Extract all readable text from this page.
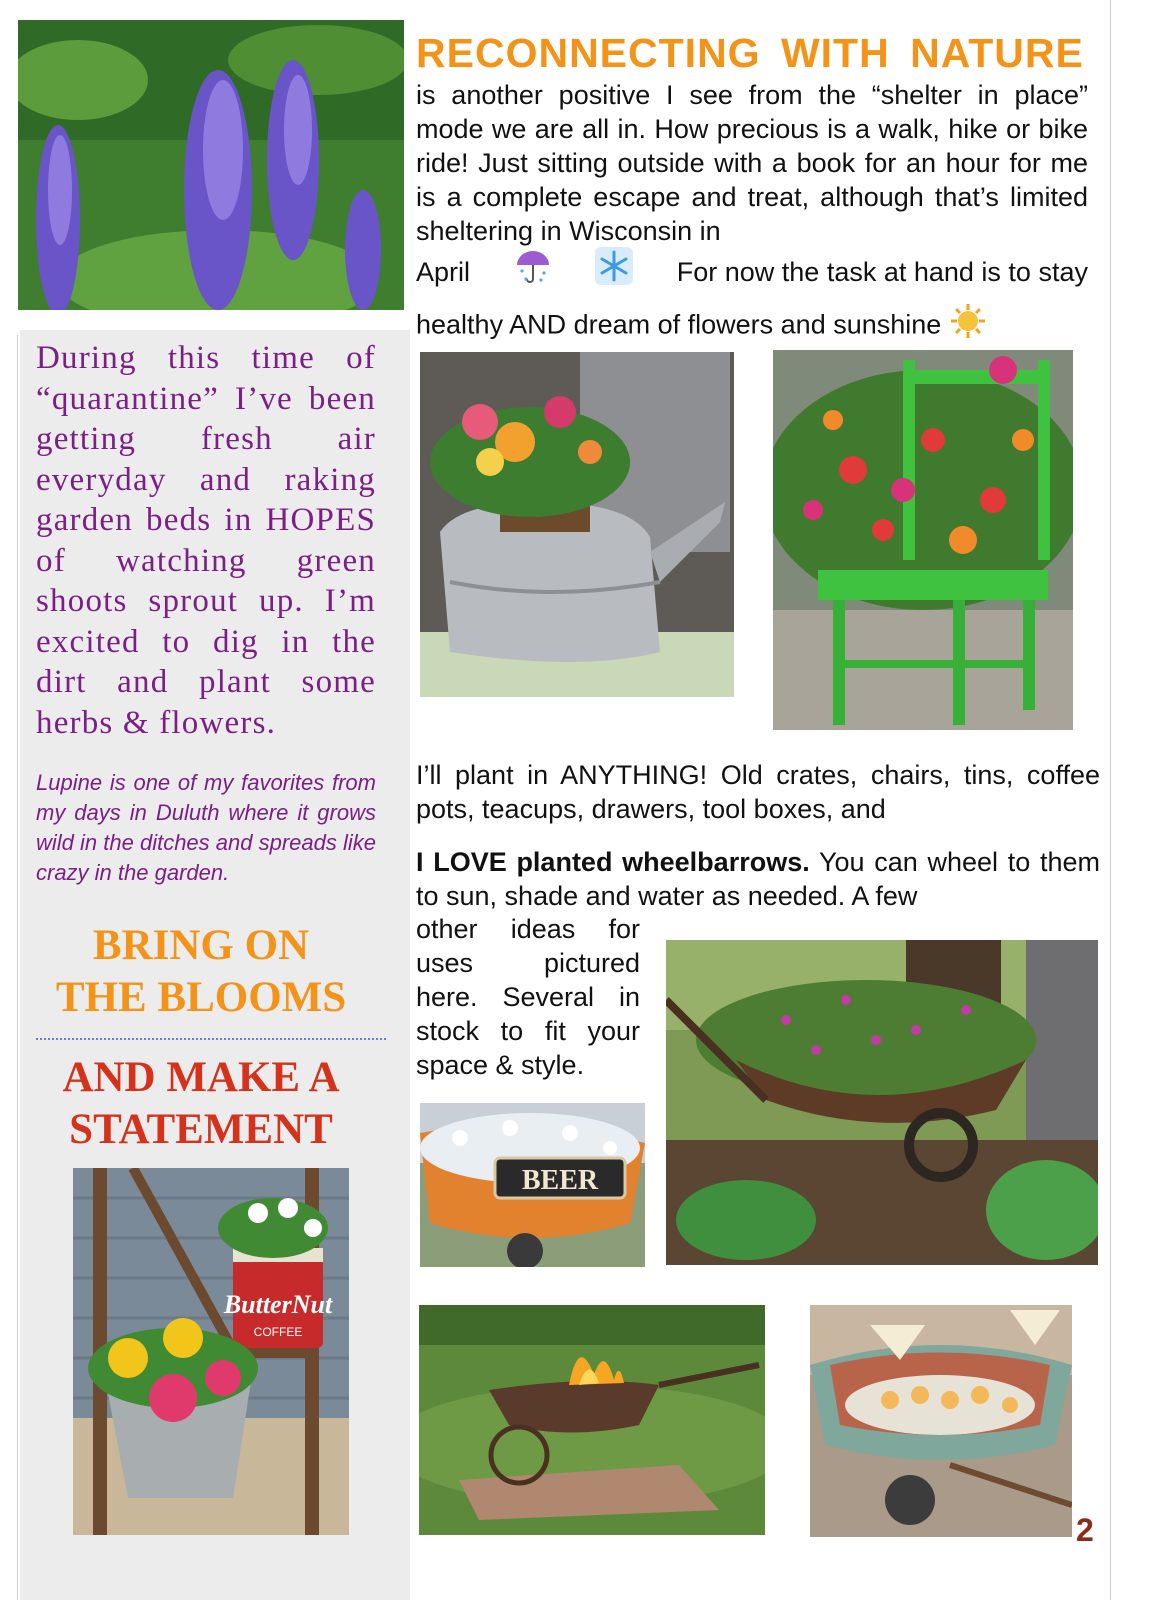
During this time of “quarantine” I’ve been getting fresh air everyday and raking garden beds in HOPES of watching green shoots sprout up. I’m excited to dig in the dirt and plant some herbs & flowers.
Lupine is one of my favorites from my days in Duluth where it grows wild in the ditches and spreads like crazy in the garden.
BRING ON
THE BLOOMS
AND MAKE A
STATEMENT
ButterNut
COFFEE
RECONNECTING WITH NATURE
is another positive I see from the “shelter in place” mode we are all in. How precious is a walk, hike or bike ride! Just sitting outside with a book for an hour for me is a complete escape and treat, although that’s limited sheltering in Wisconsin in
April	For now the task at hand is to stay
healthy AND dream of flowers and sunshine
I’ll plant in ANYTHING! Old crates, chairs, tins, coffee pots, teacups, drawers, tool boxes, and
I LOVE planted wheelbarrows. You can wheel to them to sun, shade and water as needed. A few
other ideas for uses pictured here. Several in stock to fit your space & style.
BEER
2
